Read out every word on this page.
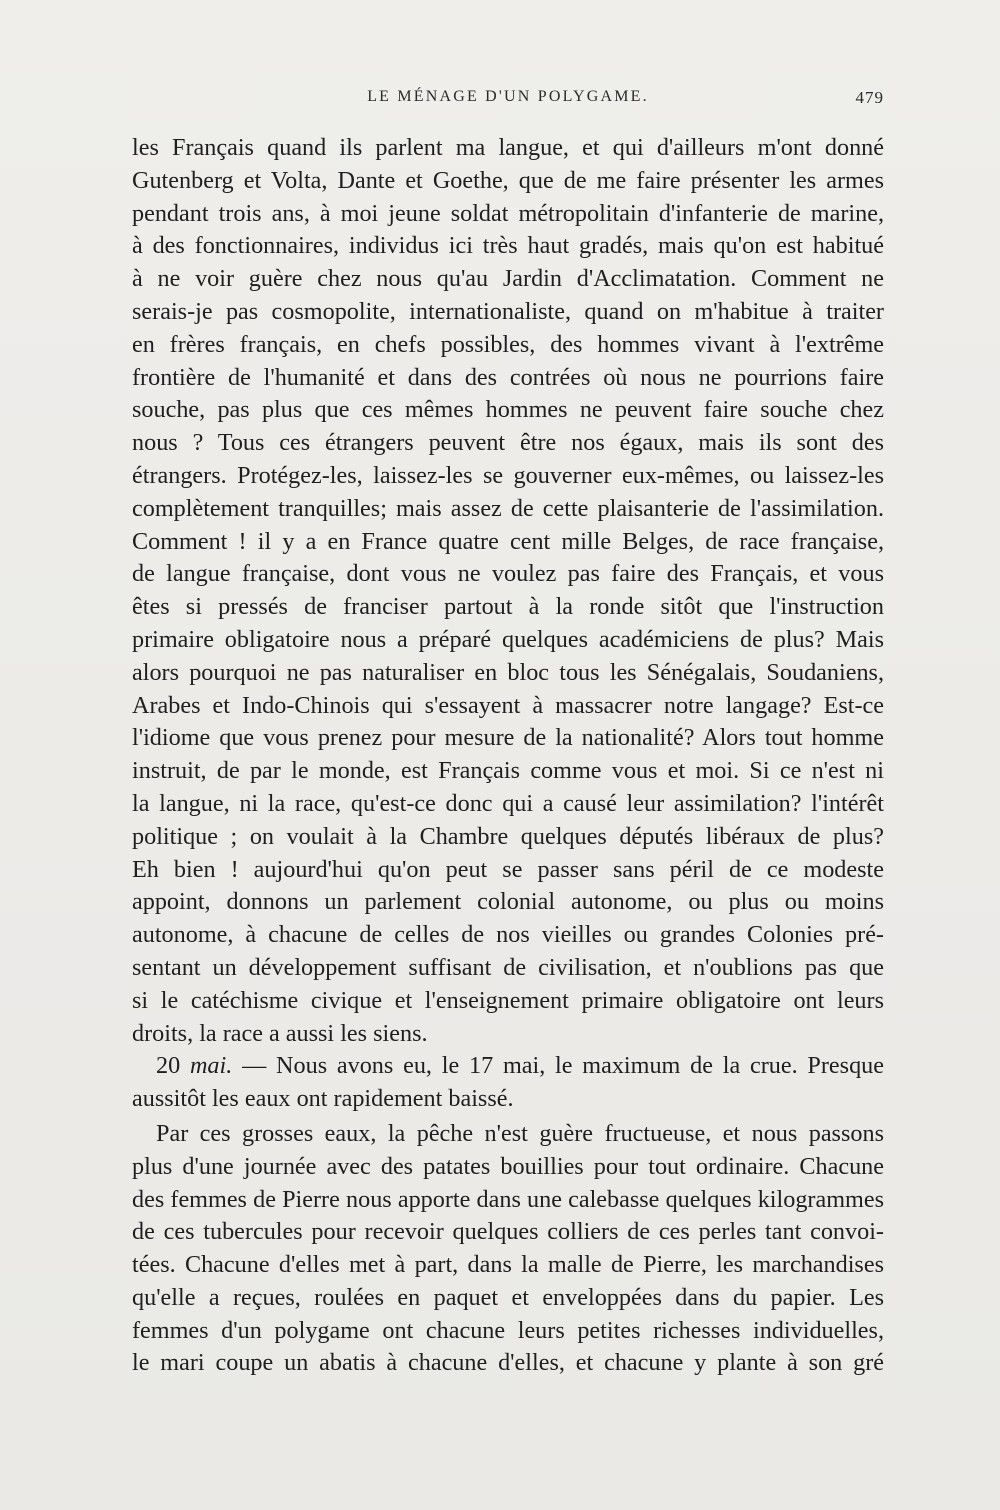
LE MÉNAGE D'UN POLYGAME.	479
les Français quand ils parlent ma langue, et qui d'ailleurs m'ont donné
Gutenberg et Volta, Dante et Goethe, que de me faire présenter les armes
pendant trois ans, à moi jeune soldat métropolitain d'infanterie de marine,
à des fonctionnaires, individus ici très haut gradés, mais qu'on est habitué
à ne voir guère chez nous qu'au Jardin d'Acclimatation. Comment ne
serais-je pas cosmopolite, internationaliste, quand on m'habitue à traiter
en frères français, en chefs possibles, des hommes vivant à l'extrême
frontière de l'humanité et dans des contrées où nous ne pourrions faire
souche, pas plus que ces mêmes hommes ne peuvent faire souche chez
nous ? Tous ces étrangers peuvent être nos égaux, mais ils sont des
étrangers. Protégez-les, laissez-les se gouverner eux-mêmes, ou laissez-les
complètement tranquilles; mais assez de cette plaisanterie de l'assimilation.
Comment ! il y a en France quatre cent mille Belges, de race française,
de langue française, dont vous ne voulez pas faire des Français, et vous
êtes si pressés de franciser partout à la ronde sitôt que l'instruction
primaire obligatoire nous a préparé quelques académiciens de plus? Mais
alors pourquoi ne pas naturaliser en bloc tous les Sénégalais, Soudaniens,
Arabes et Indo-Chinois qui s'essayent à massacrer notre langage? Est-ce
l'idiome que vous prenez pour mesure de la nationalité? Alors tout homme
instruit, de par le monde, est Français comme vous et moi. Si ce n'est ni
la langue, ni la race, qu'est-ce donc qui a causé leur assimilation? l'intérêt
politique ; on voulait à la Chambre quelques députés libéraux de plus?
Eh bien ! aujourd'hui qu'on peut se passer sans péril de ce modeste
appoint, donnons un parlement colonial autonome, ou plus ou moins
autonome, à chacune de celles de nos vieilles ou grandes Colonies pré-
sentant un développement suffisant de civilisation, et n'oublions pas que
si le catéchisme civique et l'enseignement primaire obligatoire ont leurs
droits, la race a aussi les siens.
20 mai. — Nous avons eu, le 17 mai, le maximum de la crue. Presque
aussitôt les eaux ont rapidement baissé.
Par ces grosses eaux, la pêche n'est guère fructueuse, et nous passons
plus d'une journée avec des patates bouillies pour tout ordinaire. Chacune
des femmes de Pierre nous apporte dans une calebasse quelques kilogrammes
de ces tubercules pour recevoir quelques colliers de ces perles tant convoi-
tées. Chacune d'elles met à part, dans la malle de Pierre, les marchandises
qu'elle a reçues, roulées en paquet et enveloppées dans du papier. Les
femmes d'un polygame ont chacune leurs petites richesses individuelles,
le mari coupe un abatis à chacune d'elles, et chacune y plante à son gré
